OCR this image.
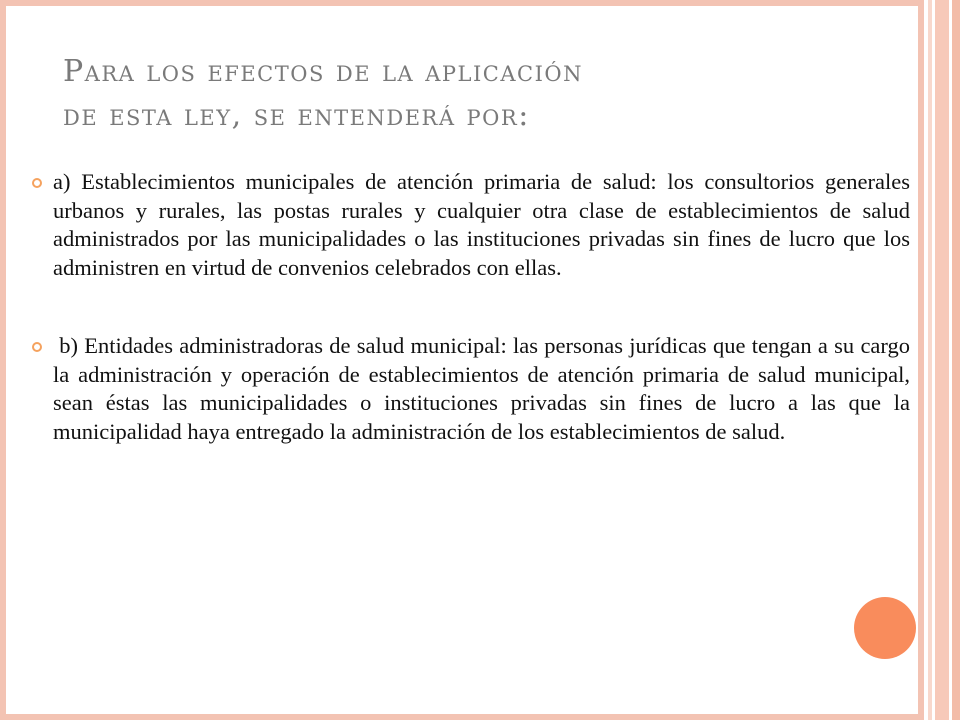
Para los efectos de la aplicación
de esta ley, se entenderá por:
a) Establecimientos municipales de atención primaria de salud: los consultorios generales urbanos y rurales, las postas rurales y cualquier otra clase de establecimientos de salud administrados por las municipalidades o las instituciones privadas sin fines de lucro que los administren en virtud de convenios celebrados con ellas.
b) Entidades administradoras de salud municipal: las personas jurídicas que tengan a su cargo la administración y operación de establecimientos de atención primaria de salud municipal, sean éstas las municipalidades o instituciones privadas sin fines de lucro a las que la municipalidad haya entregado la administración de los establecimientos de salud.
